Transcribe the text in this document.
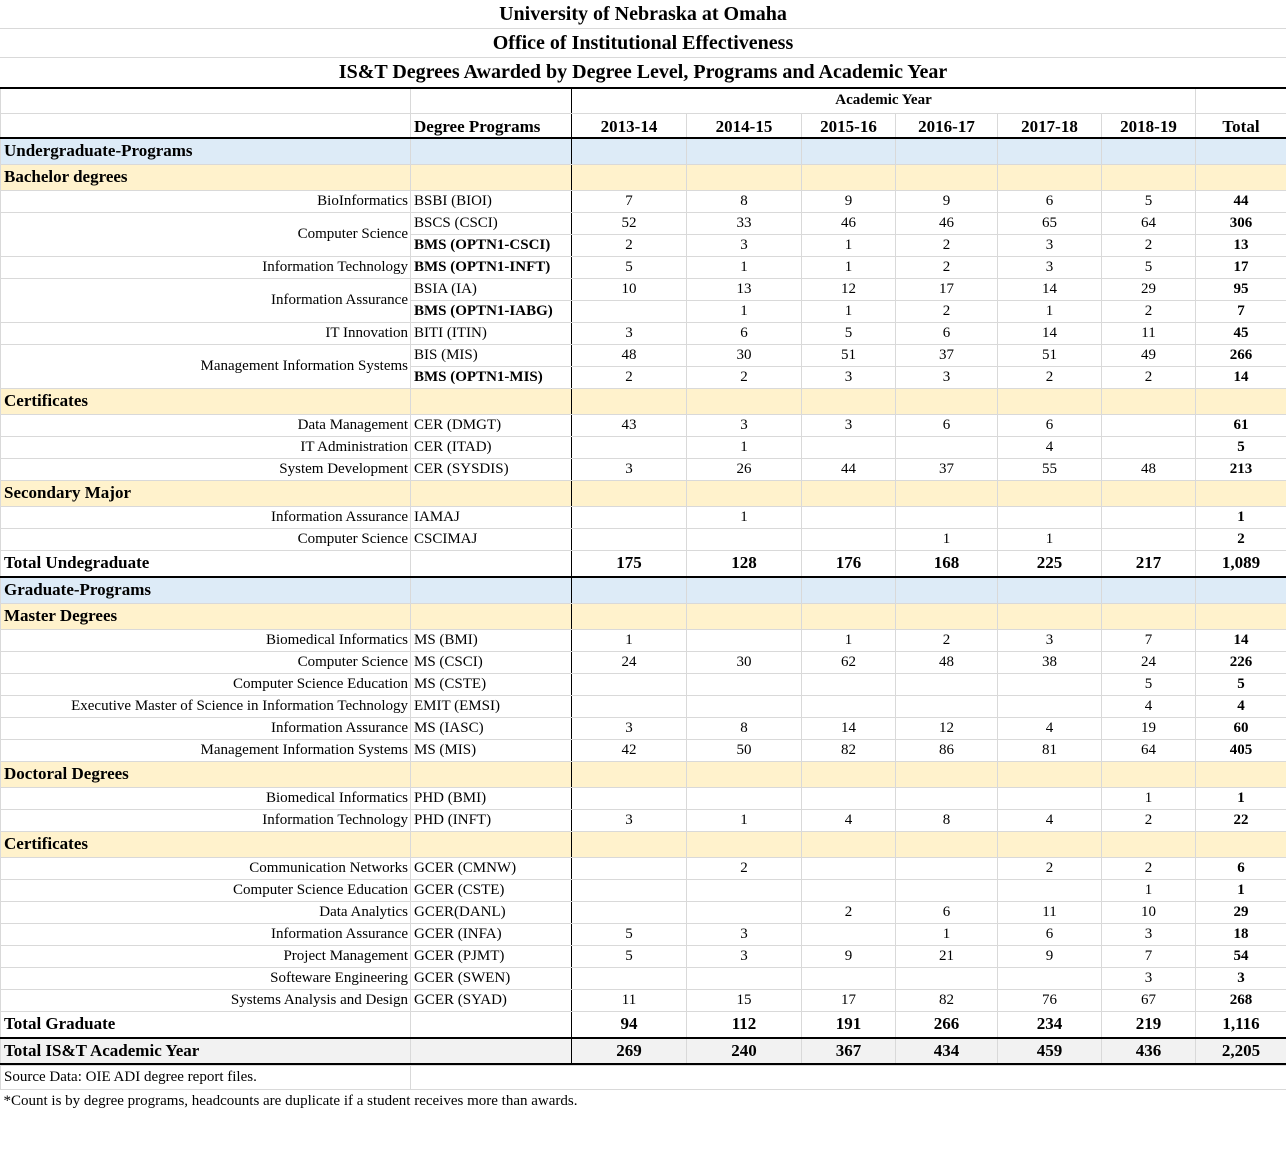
University of Nebraska at Omaha
Office of Institutional Effectiveness
IS&T Degrees Awarded by Degree Level, Programs and Academic Year
		Academic Year						
	Degree Programs	2013-14	2014-15	2015-16	2016-17	2017-18	2018-19	Total
Undergraduate-Programs								
Bachelor degrees								
BioInformatics	BSBI (BIOI)	7	8	9	9	6	5	44
Computer Science	BSCS (CSCI)	52	33	46	46	65	64	306
	BMS (OPTN1-CSCI)	2	3	1	2	3	2	13
Information Technology	BMS (OPTN1-INFT)	5	1	1	2	3	5	17
Information Assurance	BSIA (IA)	10	13	12	17	14	29	95
	BMS (OPTN1-IABG)		1	1	2	1	2	7
IT Innovation	BITI (ITIN)	3	6	5	6	14	11	45
Management Information Systems	BIS (MIS)	48	30	51	37	51	49	266
	BMS (OPTN1-MIS)	2	2	3	3	2	2	14
Certificates								
Data Management	CER (DMGT)	43	3	3	6	6		61
IT Administration	CER (ITAD)		1			4		5
System Development	CER (SYSDIS)	3	26	44	37	55	48	213
Secondary Major								
Information Assurance	IAMAJ		1					1
Computer Science	CSCIMAJ				1	1		2
Total Undegraduate		175	128	176	168	225	217	1,089
Graduate-Programs								
Master Degrees								
Biomedical Informatics	MS (BMI)	1		1	2	3	7	14
Computer Science	MS (CSCI)	24	30	62	48	38	24	226
Computer Science Education	MS (CSTE)						5	5
Executive Master of Science in Information Technology	EMIT (EMSI)						4	4
Information Assurance	MS (IASC)	3	8	14	12	4	19	60
Management Information Systems	MS (MIS)	42	50	82	86	81	64	405
Doctoral Degrees								
Biomedical Informatics	PHD (BMI)						1	1
Information Technology	PHD (INFT)	3	1	4	8	4	2	22
Certificates								
Communication Networks	GCER (CMNW)		2			2	2	6
Computer Science Education	GCER (CSTE)						1	1
Data Analytics	GCER(DANL)			2	6	11	10	29
Information Assurance	GCER (INFA)	5	3		1	6	3	18
Project Management	GCER (PJMT)	5	3	9	21	9	7	54
Softeware Engineering	GCER (SWEN)						3	3
Systems Analysis and Design	GCER (SYAD)	11	15	17	82	76	67	268
Total Graduate		94	112	191	266	234	219	1,116
Total IS&T Academic Year		269	240	367	434	459	436	2,205
Source Data: OIE ADI degree report files.	
*Count is by degree programs, headcounts are duplicate if a student receives more than awards.
